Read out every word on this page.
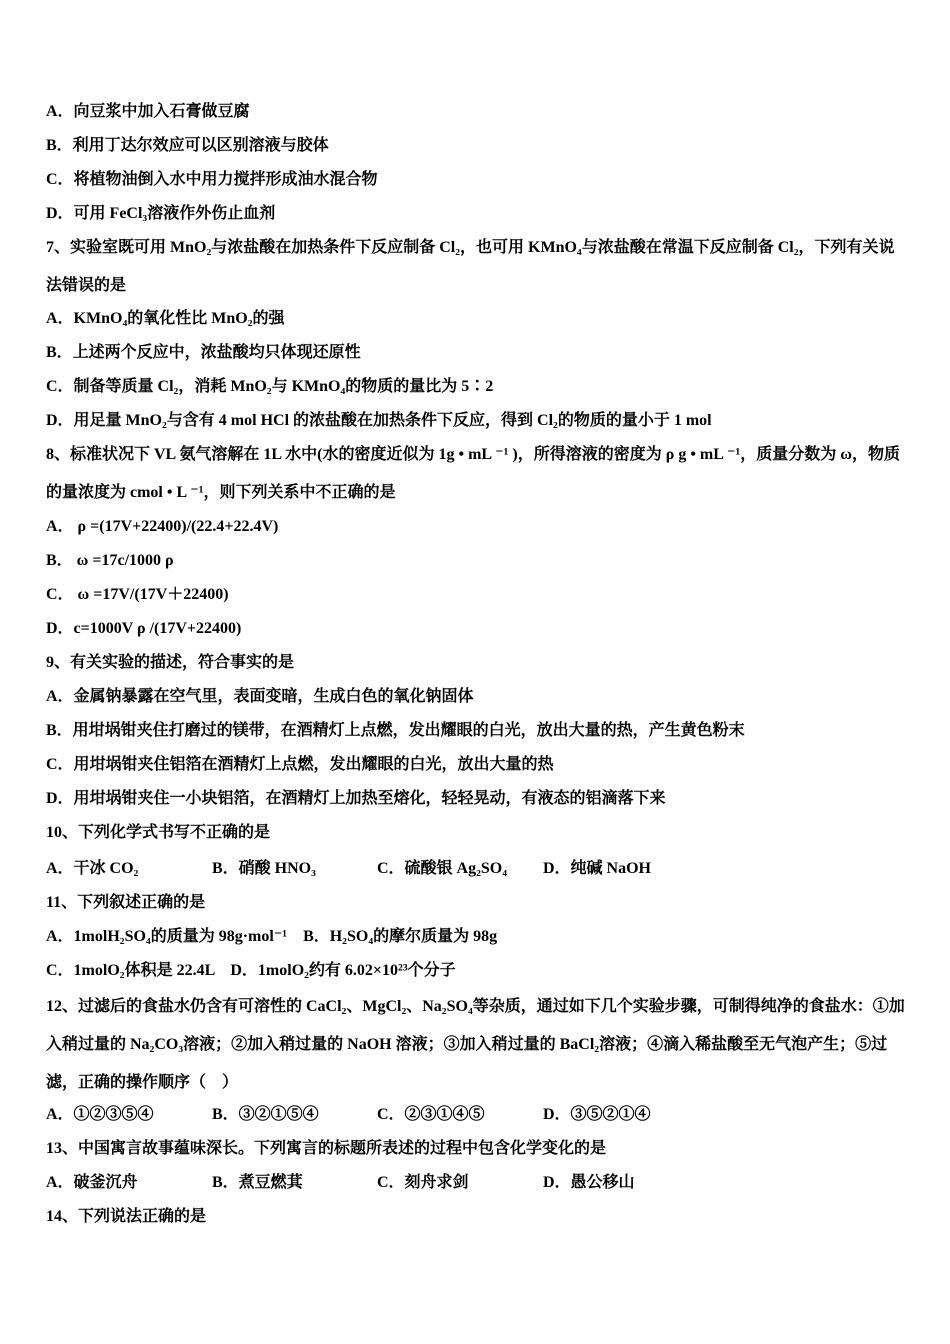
A．向豆浆中加入石膏做豆腐
B．利用丁达尔效应可以区别溶液与胶体
C．将植物油倒入水中用力搅拌形成油水混合物
D．可用 FeCl₃溶液作外伤止血剂
7、实验室既可用 MnO₂与浓盐酸在加热条件下反应制备 Cl₂，也可用 KMnO₄与浓盐酸在常温下反应制备 Cl₂，下列有关说法错误的是
A．KMnO₄的氧化性比 MnO₂的强
B．上述两个反应中，浓盐酸均只体现还原性
C．制备等质量 Cl₂，消耗 MnO₂与 KMnO₄的物质的量比为 5∶2
D．用足量 MnO₂与含有 4 mol HCl 的浓盐酸在加热条件下反应，得到 Cl₂的物质的量小于 1 mol
8、标准状况下 VL 氨气溶解在 1L 水中(水的密度近似为 1g • mL ⁻¹ )，所得溶液的密度为 ρ g • mL ⁻¹，质量分数为 ω，物质的量浓度为 cmol • L ⁻¹，则下列关系中不正确的是
A． ρ =(17V+22400)/(22.4+22.4V)
B． ω =17c/1000 ρ
C． ω =17V/(17V＋22400)
D．c=1000V ρ /(17V+22400)
9、有关实验的描述，符合事实的是
A．金属钠暴露在空气里，表面变暗，生成白色的氧化钠固体
B．用坩埚钳夹住打磨过的镁带，在酒精灯上点燃，发出耀眼的白光，放出大量的热，产生黄色粉末
C．用坩埚钳夹住铝箔在酒精灯上点燃，发出耀眼的白光，放出大量的热
D．用坩埚钳夹住一小块铝箔，在酒精灯上加热至熔化，轻轻晃动，有液态的铝滴落下来
10、下列化学式书写不正确的是
A．干冰 CO₂	B．硝酸 HNO₃	C．硫酸银 Ag₂SO₄ D．纯碱 NaOH
11、下列叙述正确的是
A．1molH₂SO₄的质量为 98g·mol⁻¹　B．H₂SO₄的摩尔质量为 98g
C．1molO₂体积是 22.4L　D．1molO₂约有 6.02×10²³个分子
12、过滤后的食盐水仍含有可溶性的 CaCl₂、MgCl₂、Na₂SO₄等杂质，通过如下几个实验步骤，可制得纯净的食盐水：①加入稍过量的 Na₂CO₃溶液；②加入稍过量的 NaOH 溶液；③加入稍过量的 BaCl₂溶液；④滴入稀盐酸至无气泡产生；⑤过滤，正确的操作顺序（　）
A．①②③⑤④	B．③②①⑤④	C．②③①④⑤	D．③⑤②①④
13、中国寓言故事蕴味深长。下列寓言的标题所表述的过程中包含化学变化的是
A．破釜沉舟	B．煮豆燃萁	C．刻舟求剑	D．愚公移山
14、下列说法正确的是
